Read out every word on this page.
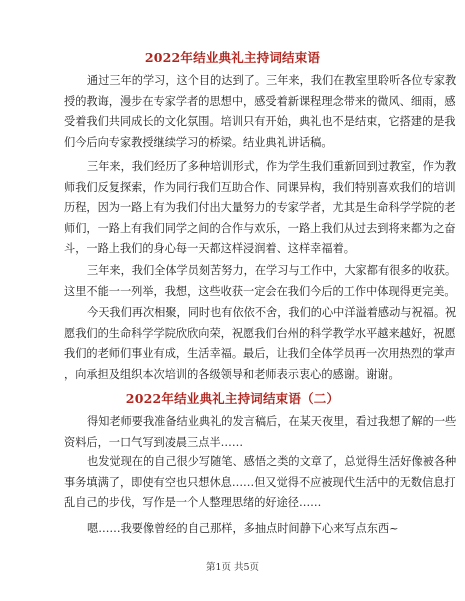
2022年结业典礼主持词结束语

通过三年的学习，这个目的达到了。三年来，我们在教室里聆听各位专家教
授的教诲，漫步在专家学者的思想中，感受着新课程理念带来的微风、细雨，感
受着我们共同成长的文化氛围。培训只有开始，典礼也不是结束，它搭建的是我
们今后向专家教授继续学习的桥梁。结业典礼讲话稿。

三年来，我们经历了多种培训形式，作为学生我们重新回到过教室，作为教
师我们反复探索，作为同行我们互助合作、同课异构，我们特别喜欢我们的培训
历程，因为一路上有为我们付出大量努力的专家学者，尤其是生命科学学院的老
师们，一路上有我们同学之间的合作与欢乐，一路上我们从过去到将来都为之奋
斗，一路上我们的身心每一天都这样浸润着、这样幸福着。

三年来，我们全体学员刻苦努力，在学习与工作中，大家都有很多的收获。
这里不能一一列举，我想，这些收获一定会在我们今后的工作中体现得更完美。

今天我们再次相聚，同时也有依依不舍，我们的心中洋溢着感动与祝福。祝
愿我们的生命科学学院欣欣向荣，祝愿我们台州的科学教学水平越来越好，祝愿
我们的老师们事业有成，生活幸福。最后，让我们全体学员再一次用热烈的掌声
，向承担及组织本次培训的各级领导和老师表示衷心的感谢。谢谢。

2022年结业典礼主持词结束语（二）

得知老师要我准备结业典礼的发言稿后，在某天夜里，看过我想了解的一些
资料后，一口气写到凌晨三点半……

也发觉现在的自己很少写随笔、感悟之类的文章了，总觉得生活好像被各种
事务填满了，即使有空也只想休息……但又觉得不应被现代生活中的无数信息打
乱自己的步伐，写作是一个人整理思绪的好途径……

嗯……我要像曾经的自己那样，多抽点时间静下心来写点东西~

第1页 共5页
